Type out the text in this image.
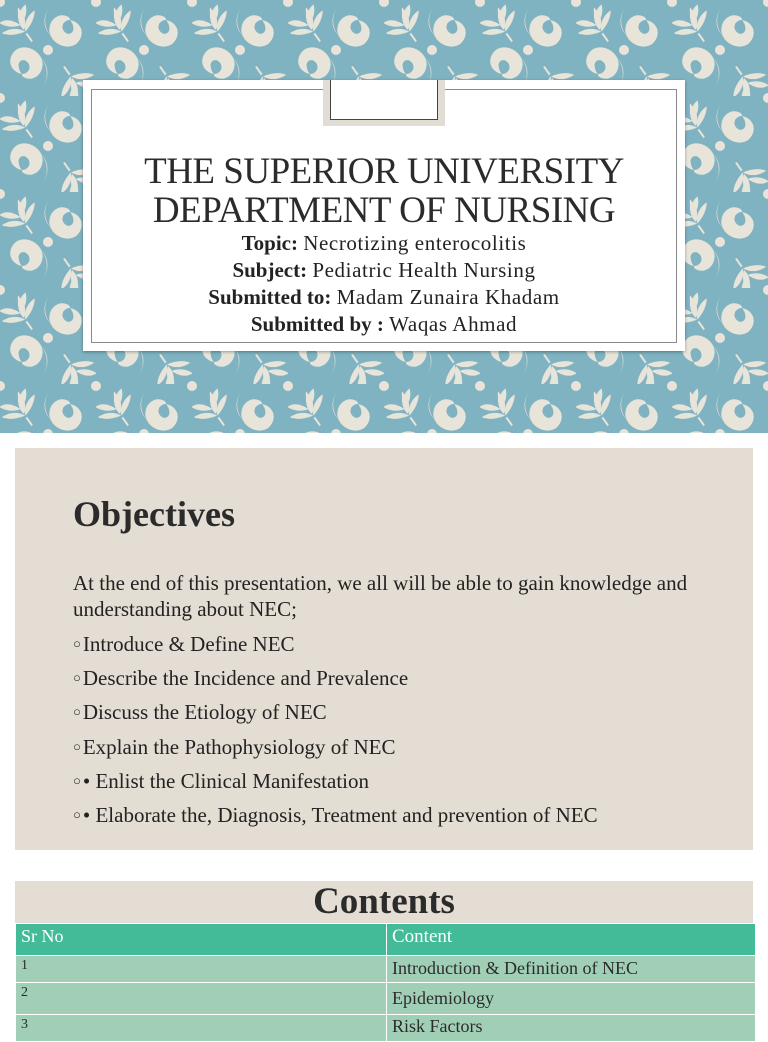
THE SUPERIOR UNIVERSITY
DEPARTMENT OF NURSING
Topic: Necrotizing enterocolitis
Subject: Pediatric Health Nursing
Submitted to: Madam Zunaira Khadam
Submitted by : Waqas Ahmad
Objectives
At the end of this presentation, we all will be able to gain knowledge and understanding about NEC;
○Introduce & Define NEC
○Describe the Incidence and Prevalence
○Discuss the Etiology of NEC
○Explain the Pathophysiology of NEC
○• Enlist the Clinical Manifestation
○• Elaborate the, Diagnosis, Treatment and prevention of NEC
Contents
Sr No	Content
1	Introduction & Definition of NEC
2	Epidemiology
3	Risk Factors
